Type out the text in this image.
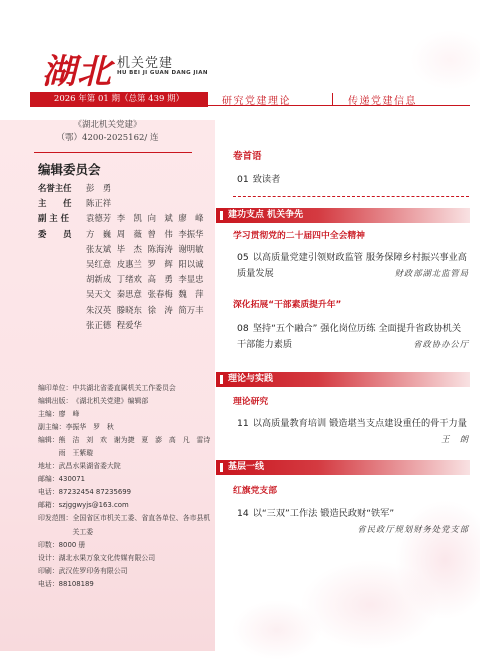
湖北 机关党建
HU BEI JI GUAN DANG JIAN
2026 年第 01 期（总第 439 期）	研究党建理论	传递党建信息
《湖北机关党建》
（鄂）4200-2025162/ 连
编辑委员会
名誉主任	彭　勇
主　　任	陈正祥
副 主 任	袁德芳 李　凯 向　斌 廖　峰
委　　员	方　巍 周　薇 曾　伟 李振华 张友斌 毕　杰 陈海涛 谢明敏 吴红意 皮惠兰 罗　辉 阳以诚 胡新成 丁绪欢 高　勇 李显忠 吴天文 秦思意 张春梅 魏　萍 朱汉英 滕晓东 徐　涛 简万丰 张正德 程爱华
编印单位： 中共湖北省委直属机关工作委员会
编辑出版： 《湖北机关党建》编辑部
主编： 廖　峰
副主编： 李振华　罗　秋
编辑： 熊　洁　刘　欢　谢为捷　夏　澎　高　凡　雷诗雨　王紫璇
地址： 武昌水果湖省委大院
邮编： 430071
电话： 87232454 87235699
邮箱： szjggwyjs@163.com
印发范围： 全国省区市机关工委、省直各单位、各市县机关工委
印数： 8000 册
设计： 湖北水果万象文化传媒有限公司
印刷： 武汉佐罗印务有限公司
电话： 88108189
卷首语
01 致读者
建功支点 机关争先
学习贯彻党的二十届四中全会精神
05 以高质量党建引领财政监管 服务保障乡村振兴事业高质量发展	财政部湖北监管局
深化拓展“干部素质提升年”
08 坚持“五个融合” 强化岗位历练 全面提升省政协机关干部能力素质	省政协办公厅
理论与实践
理论研究
11 以高质量教育培训 锻造堪当支点建设重任的骨干力量
王　朗
基层一线
红旗党支部
14 以“三双”工作法 锻造民政财“铁军”
省民政厅规划财务处党支部
